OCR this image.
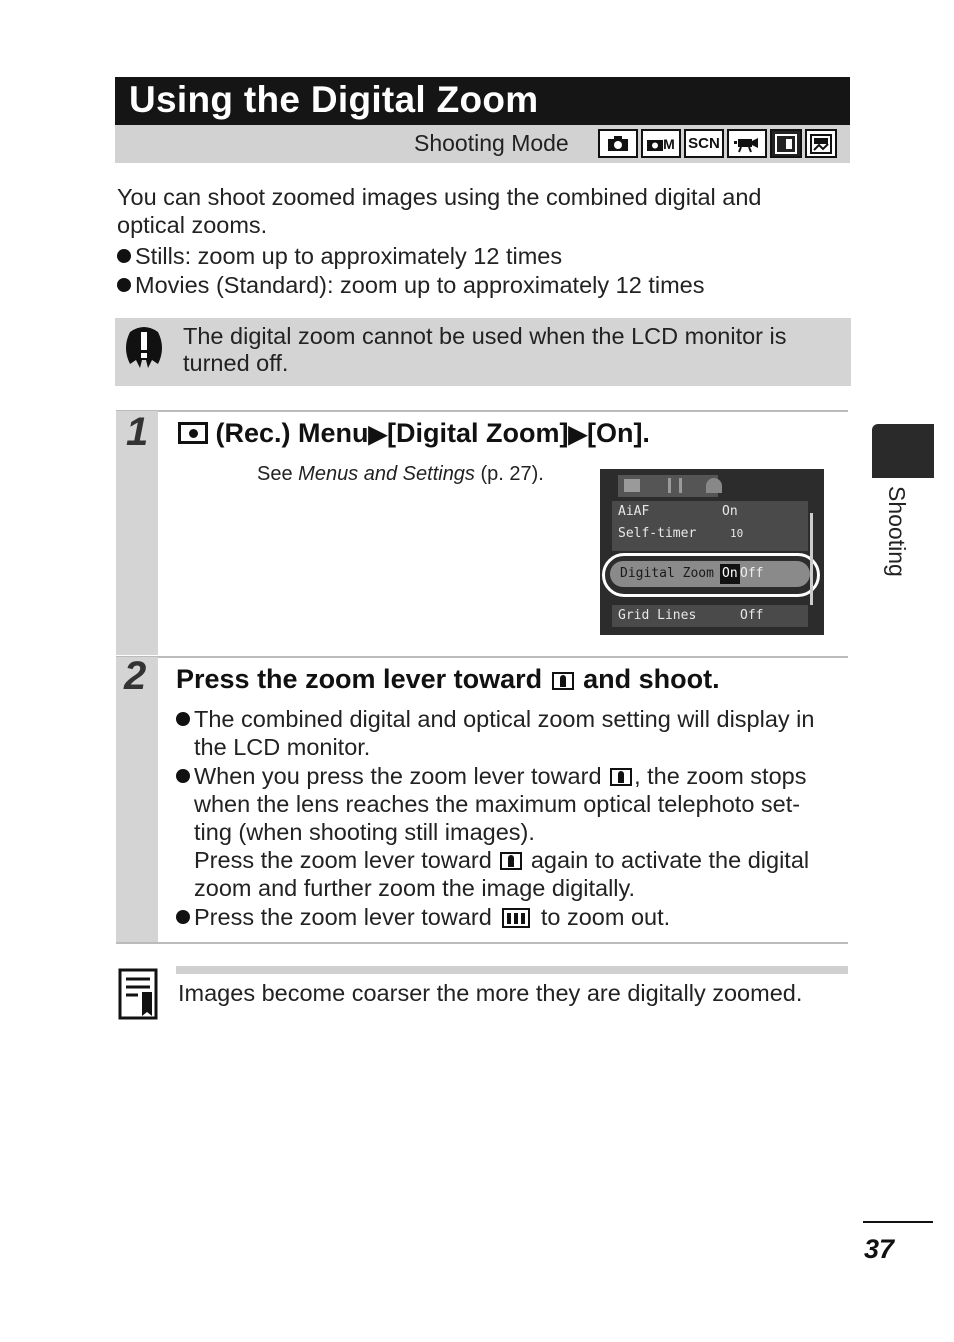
Using the Digital Zoom
Shooting Mode	M SCN
You can shoot zoomed images using the combined digital and
optical zooms.
Stills: zoom up to approximately 12 times
Movies (Standard): zoom up to approximately 12 times
The digital zoom cannot be used when the LCD monitor is
turned off.
1	(Rec.) Menu▶[Digital Zoom]▶[On].
See Menus and Settings (p. 27).
AiAF	On
Self-timer	10
Digital Zoom On Off
Grid Lines	Off
2 Press the zoom lever toward and shoot.
The combined digital and optical zoom setting will display in
the LCD monitor.
When you press the zoom lever toward , the zoom stops
when the lens reaches the maximum optical telephoto set-
ting (when shooting still images).
Press the zoom lever toward again to activate the digital
zoom and further zoom the image digitally.
Press the zoom lever toward to zoom out.
Images become coarser the more they are digitally zoomed.
Shooting
37
